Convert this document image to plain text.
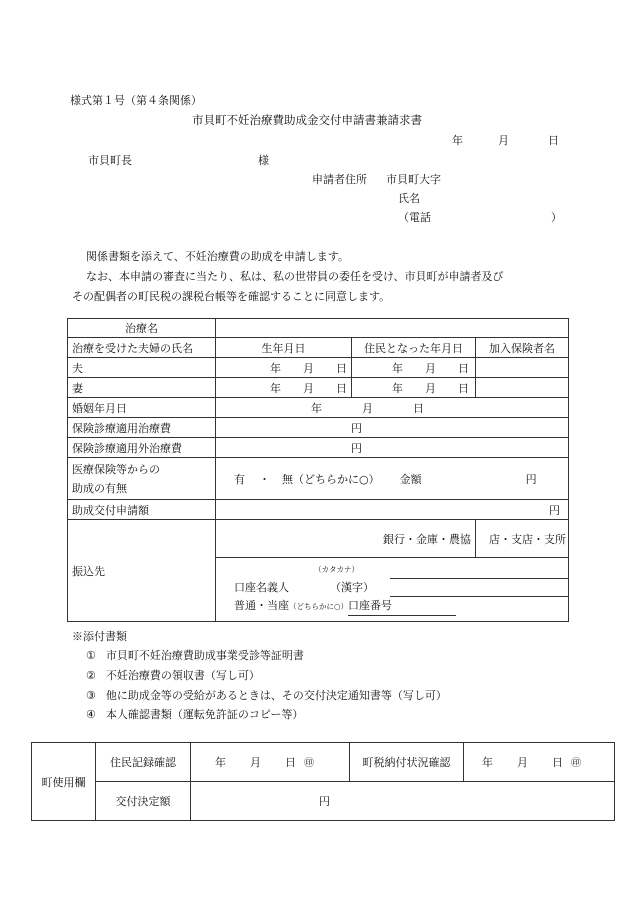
様式第１号（第４条関係）
市貝町不妊治療費助成金交付申請書兼請求書
年	月	日
市貝町長	様
申請者住所 市貝町大字
氏名
（電話	）
関係書類を添えて、不妊治療費の助成を申請します。
なお、本申請の審査に当たり、私は、私の世帯員の委任を受け、市貝町が申請者及び
その配偶者の町民税の課税台帳等を確認することに同意します。
治療名			
治療を受けた夫婦の氏名	生年月日	住民となった年月日	加入保険者名
夫	年 月 日	年 月 日	
妻	年 月 日	年 月 日	
婚姻年月日	年 月 日		
保険診療適用治療費	円		
保険診療適用外治療費	円		
医療保険等からの
助成の有無	有 ・ 無（どちらかに○） 金額 円		
助成交付申請額	円		
振込先	銀行・金庫・農協		店・支店・支所

	（カタカナ）
口座名義人 （漢字）
普通・当座（どちらかに○）口座番号		
※添付書類
① 市貝町不妊治療費助成事業受診等証明書
② 不妊治療費の領収書（写し可）
③ 他に助成金等の受給があるときは、その交付決定通知書等（写し可）
④ 本人確認書類（運転免許証のコピー等）
町使用欄	住民記録確認	年 月 日 ㊞	町税納付状況確認	年 月 日 ㊞
	交付決定額	円		
